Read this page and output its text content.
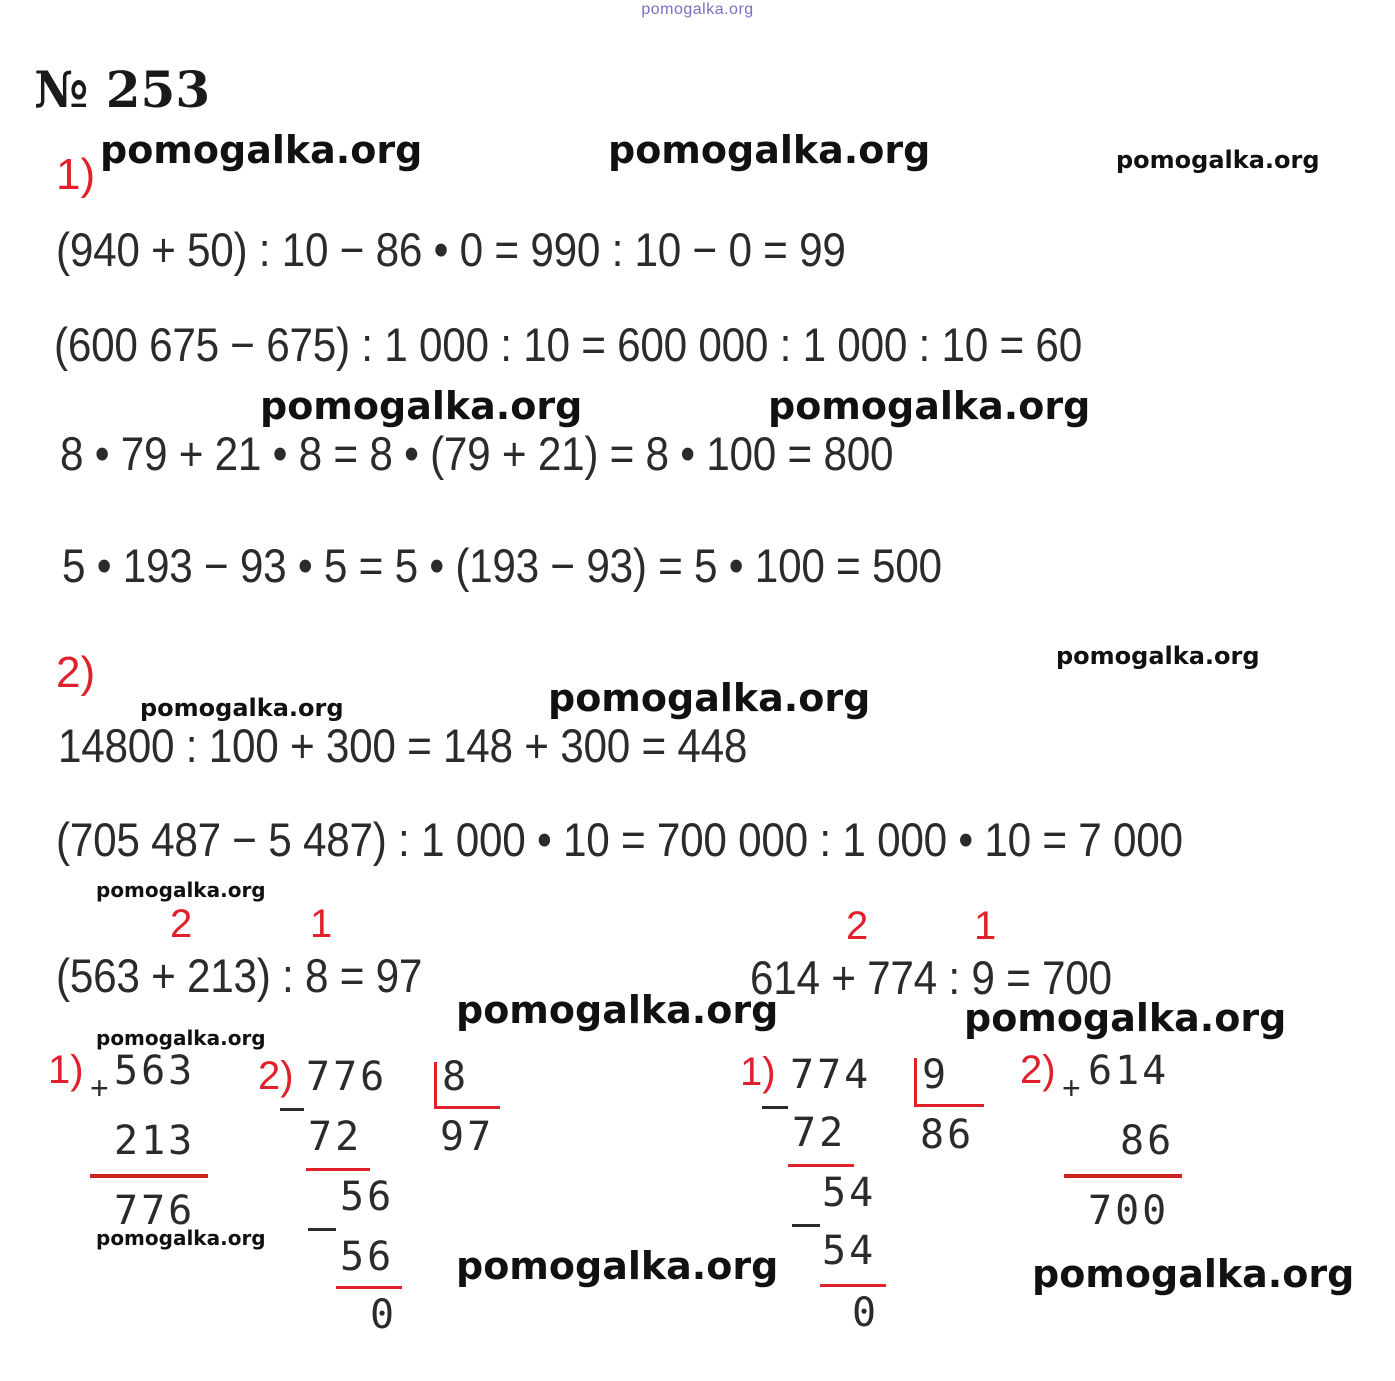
pomogalka.org
№ 253
1) pomogalka.org	pomogalka.org	pomogalka.org
(940 + 50) : 10 − 86 • 0 = 990 : 10 − 0 = 99
(600 675 − 675) : 1 000 : 10 = 600 000 : 1 000 : 10 = 60
pomogalka.org	pomogalka.org
8 • 79 + 21 • 8 = 8 • (79 + 21) = 8 • 100 = 800
5 • 193 − 93 • 5 = 5 • (193 − 93) = 5 • 100 = 500
2)	pomogalka.org
pomogalka.org	pomogalka.org
14800 : 100 + 300 = 148 + 300 = 448
(705 487 − 5 487) : 1 000 • 10 = 700 000 : 1 000 • 10 = 7 000
pomogalka.org
2	1	2	1
(563 + 213) : 8 = 97	614 + 774 : 9 = 700
pomogalka.org	pomogalka.org
pomogalka.org
1) + 563
213
776
pomogalka.org
2) 776 8
97
72
56
56
0
pomogalka.org
1) 774 9
86
72
54
54
0
2) + 614
86
700
pomogalka.org
